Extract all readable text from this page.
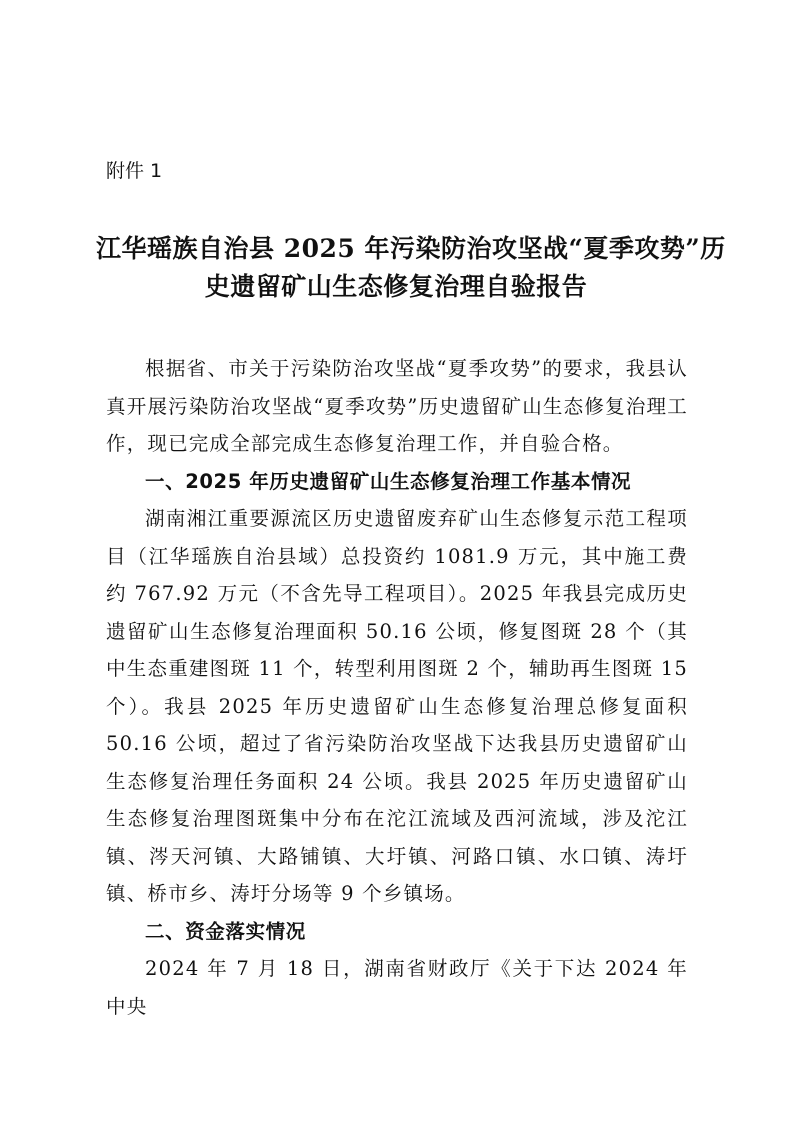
附件 1

江华瑶族自治县 2025 年污染防治攻坚战“夏季攻势”历
史遗留矿山生态修复治理自验报告

根据省、市关于污染防治攻坚战“夏季攻势”的要求，我县认真开展污染防治攻坚战“夏季攻势”历史遗留矿山生态修复治理工作，现已完成全部完成生态修复治理工作，并自验合格。

一、2025 年历史遗留矿山生态修复治理工作基本情况

湖南湘江重要源流区历史遗留废弃矿山生态修复示范工程项目（江华瑶族自治县域）总投资约 1081.9 万元，其中施工费约 767.92 万元（不含先导工程项目）。2025 年我县完成历史遗留矿山生态修复治理面积 50.16 公顷，修复图斑 28 个（其中生态重建图斑 11 个，转型利用图斑 2 个，辅助再生图斑 15 个）。我县 2025 年历史遗留矿山生态修复治理总修复面积 50.16 公顷，超过了省污染防治攻坚战下达我县历史遗留矿山生态修复治理任务面积 24 公顷。我县 2025 年历史遗留矿山生态修复治理图斑集中分布在沱江流域及西河流域，涉及沱江镇、涔天河镇、大路铺镇、大圩镇、河路口镇、水口镇、涛圩镇、桥市乡、涛圩分场等 9 个乡镇场。

二、资金落实情况

2024 年 7 月 18 日，湖南省财政厅《关于下达 2024 年中央
